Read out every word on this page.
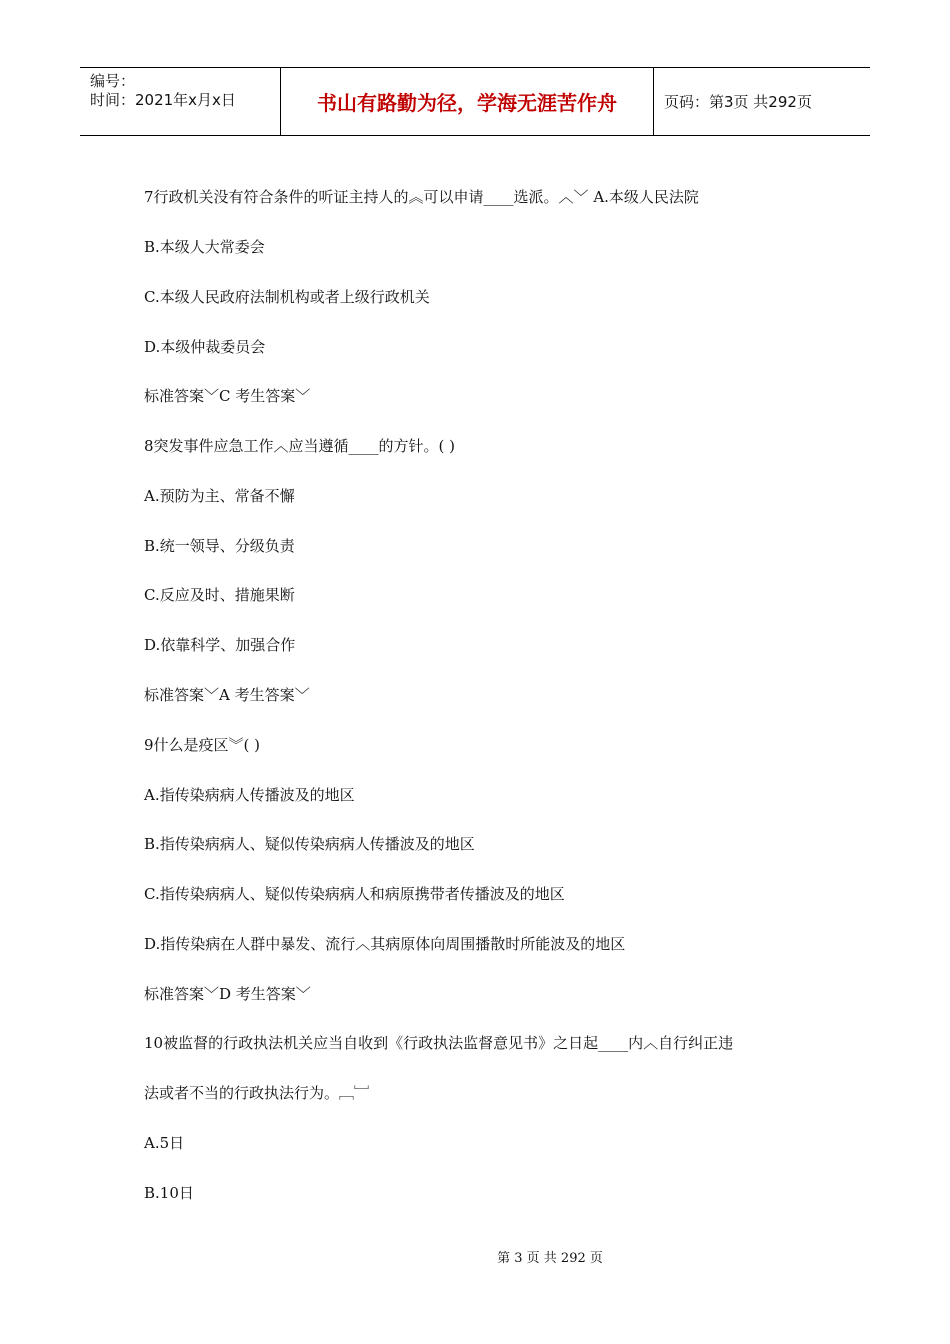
编号：
时间：2021年x月x日	书山有路勤为径，学海无涯苦作舟	页码：第3页 共292页
7行政机关没有符合条件的听证主持人的︽可以申请____选派。︿﹀ A.本级人民法院
B.本级人大常委会
C.本级人民政府法制机构或者上级行政机关
D.本级仲裁委员会
标准答案﹀C 考生答案﹀
8突发事件应急工作︿应当遵循____的方针。( )
A.预防为主、常备不懈
B.统一领导、分级负责
C.反应及时、措施果断
D.依靠科学、加强合作
标准答案﹀A 考生答案﹀
9什么是疫区︾( )
A.指传染病病人传播波及的地区
B.指传染病病人、疑似传染病病人传播波及的地区
C.指传染病病人、疑似传染病病人和病原携带者传播波及的地区
D.指传染病在人群中暴发、流行︿其病原体向周围播散时所能波及的地区
标准答案﹀D 考生答案﹀
10被监督的行政执法机关应当自收到《行政执法监督意见书》之日起____内︿自行纠正违
法或者不当的行政执法行为。﹇﹈
A.5日
B.10日
第 3 页 共 292 页
